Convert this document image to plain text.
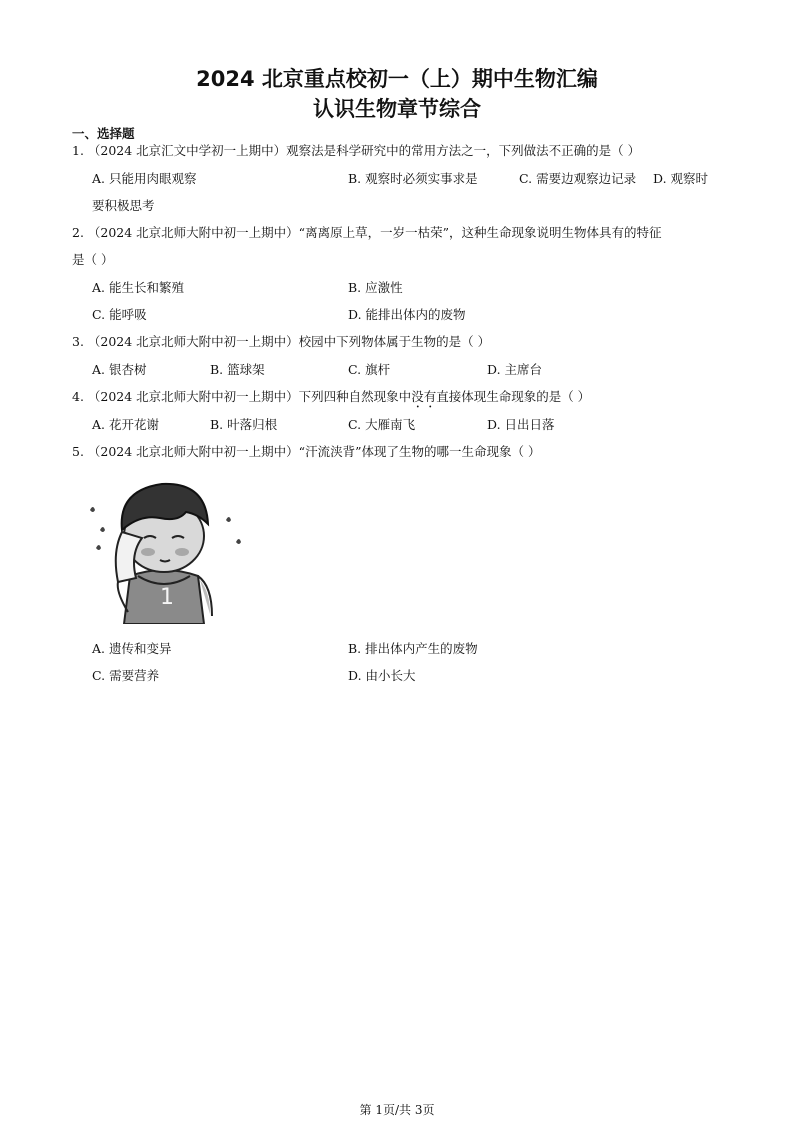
2024 北京重点校初一（上）期中生物汇编
认识生物章节综合
一、选择题
1. （2024 北京汇文中学初一上期中）观察法是科学研究中的常用方法之一，下列做法不正确的是（ ）
A. 只能用肉眼观察	B. 观察时必须实事求是	C. 需要边观察边记录 D. 观察时
要积极思考
2. （2024 北京北师大附中初一上期中）“离离原上草，一岁一枯荣”，这种生命现象说明生物体具有的特征
是（ ）
A. 能生长和繁殖	B. 应激性
C. 能呼吸	D. 能排出体内的废物
3. （2024 北京北师大附中初一上期中）校园中下列物体属于生物的是（ ）
A. 银杏树	B. 篮球架	C. 旗杆	D. 主席台
4. （2024 北京北师大附中初一上期中）下列四种自然现象中没有直接体现生命现象的是（ ）
A. 花开花谢	B. 叶落归根	C. 大雁南飞	D. 日出日落
5. （2024 北京北师大附中初一上期中）“汗流浃背”体现了生物的哪一生命现象（ ）
1
A. 遗传和变异	B. 排出体内产生的废物
C. 需要营养	D. 由小长大
第 1页/共 3页
